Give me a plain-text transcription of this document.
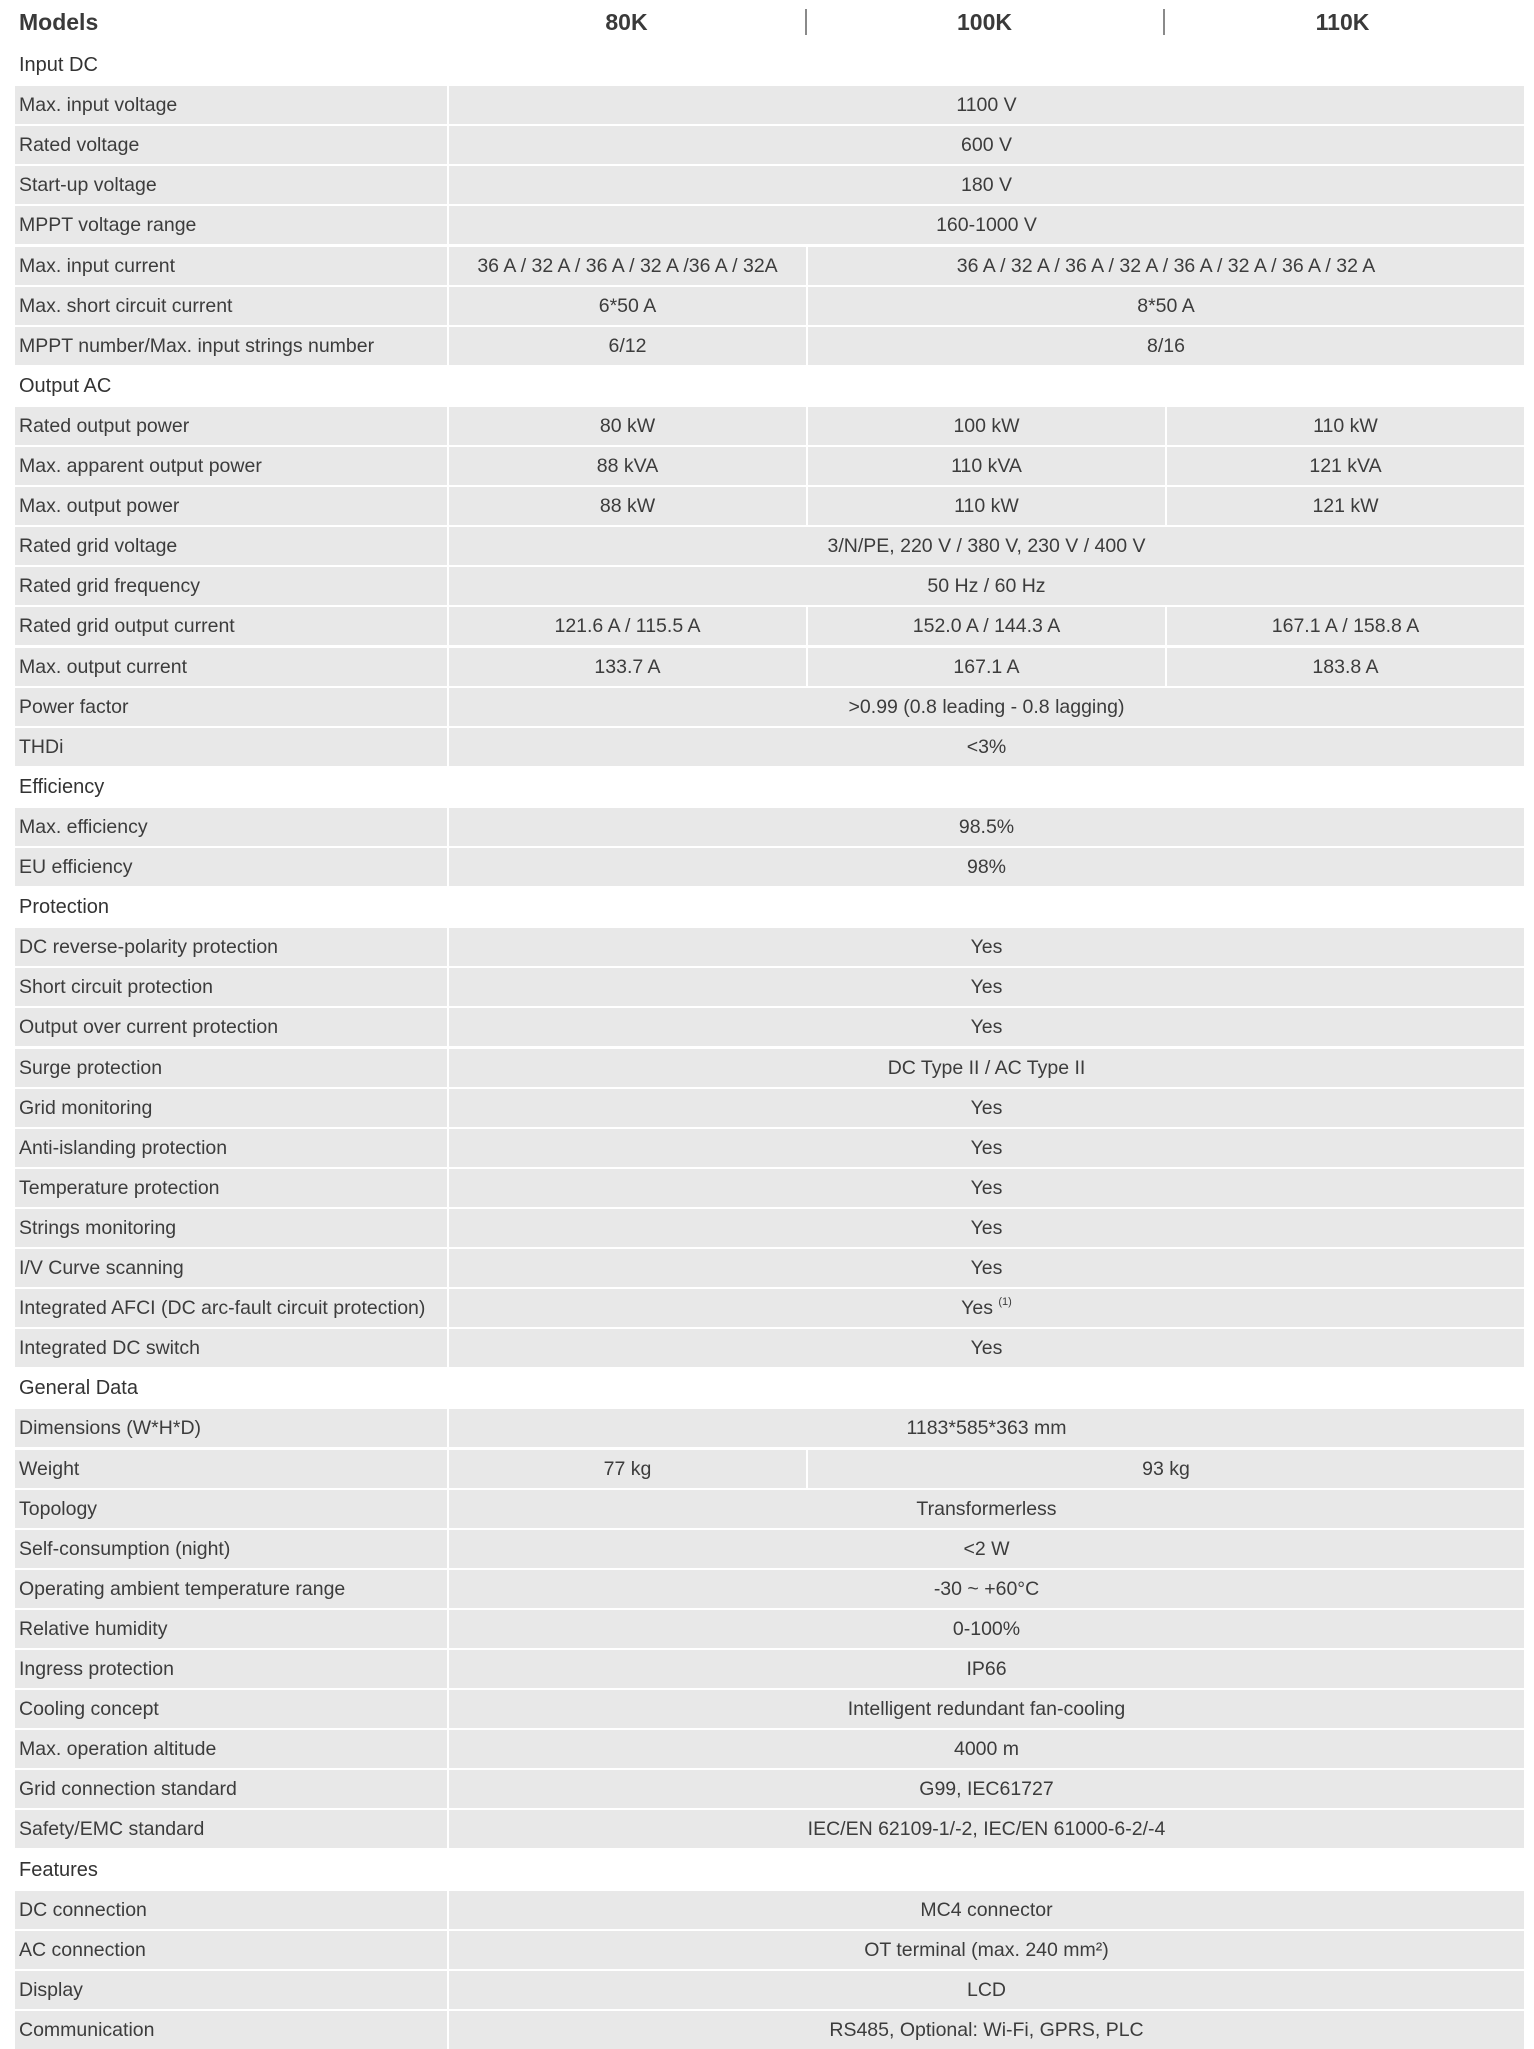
Models	80K	100K	110K
Input DC
Max. input voltage	1100 V
Rated voltage	600 V
Start-up voltage	180 V
MPPT voltage range	160-1000 V
Max. input current	36 A / 32 A / 36 A / 32 A /36 A / 32A	36 A / 32 A / 36 A / 32 A / 36 A / 32 A / 36 A / 32 A
Max. short circuit current	6*50 A	8*50 A
MPPT number/Max. input strings number	6/12	8/16
Output AC
Rated output power	80 kW	100 kW	110 kW
Max. apparent output power	88 kVA	110 kVA	121 kVA
Max. output power	88 kW	110 kW	121 kW
Rated grid voltage	3/N/PE, 220 V / 380 V, 230 V / 400 V
Rated grid frequency	50 Hz / 60 Hz
Rated grid output current	121.6 A / 115.5 A	152.0 A / 144.3 A	167.1 A / 158.8 A
Max. output current	133.7 A	167.1 A	183.8 A
Power factor	>0.99 (0.8 leading - 0.8 lagging)
THDi	<3%
Efficiency
Max. efficiency	98.5%
EU efficiency	98%
Protection
DC reverse-polarity protection	Yes
Short circuit protection	Yes
Output over current protection	Yes
Surge protection	DC Type II / AC Type II
Grid monitoring	Yes
Anti-islanding protection	Yes
Temperature protection	Yes
Strings monitoring	Yes
I/V Curve scanning	Yes
Integrated AFCI (DC arc-fault circuit protection)	Yes $^{(1)}$
Integrated DC switch	Yes
General Data
Dimensions (W*H*D)	1183*585*363 mm
Weight	77 kg	93 kg
Topology	Transformerless
Self-consumption (night)	<2 W
Operating ambient temperature range	-30 ~ +60°C
Relative humidity	0-100%
Ingress protection	IP66
Cooling concept	Intelligent redundant fan-cooling
Max. operation altitude	4000 m
Grid connection standard	G99, IEC61727
Safety/EMC standard	IEC/EN 62109-1/-2, IEC/EN 61000-6-2/-4
Features
DC connection	MC4 connector
AC connection	OT terminal (max. 240 mm²)
Display	LCD
Communication	RS485, Optional: Wi-Fi, GPRS, PLC
